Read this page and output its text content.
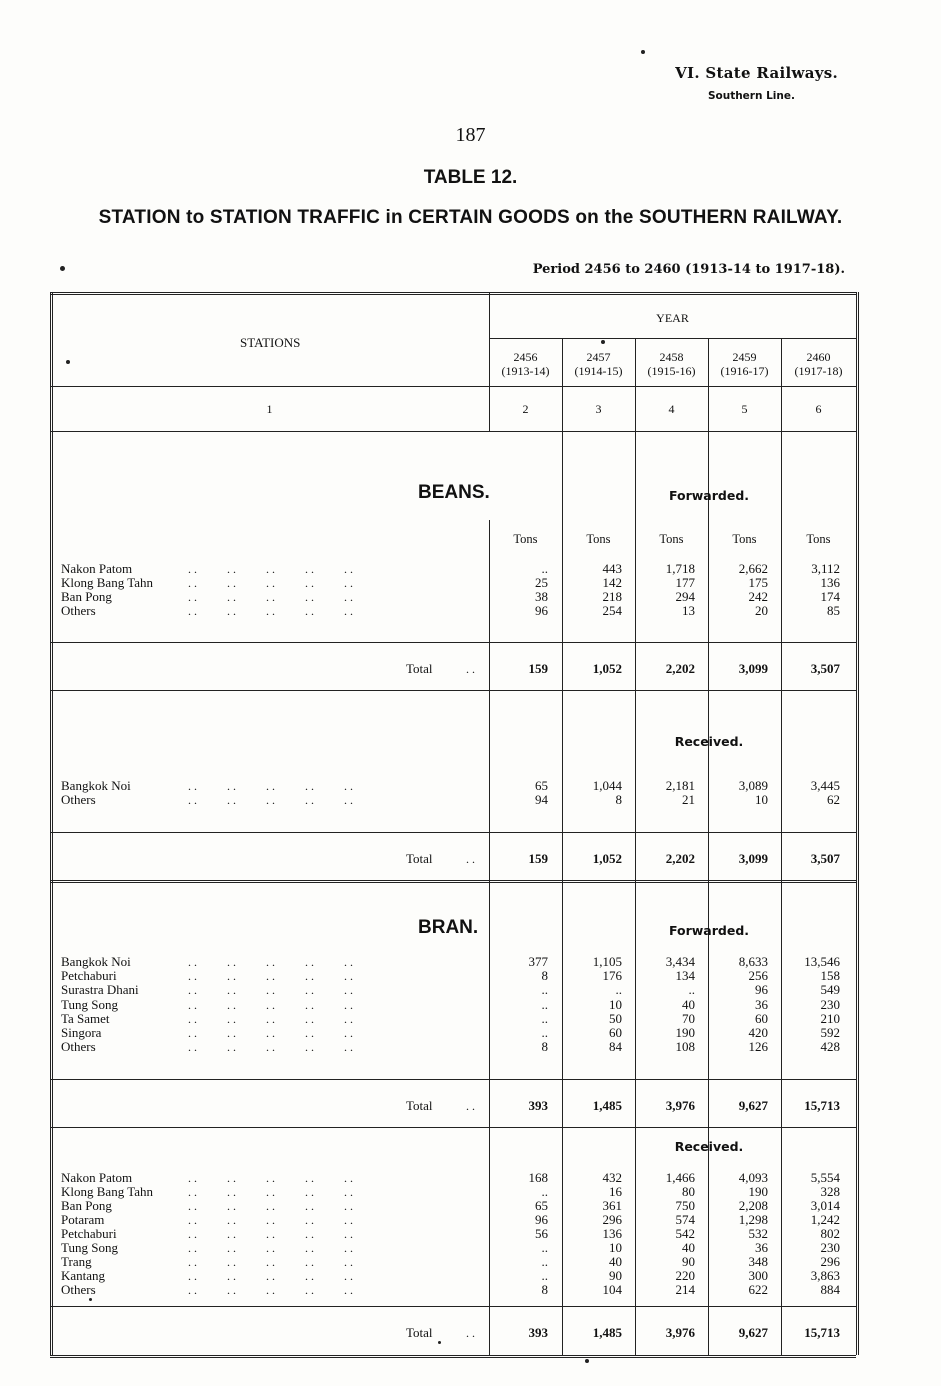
VI. State Railways.
Southern Line.
187
TABLE 12.
STATION to STATION TRAFFIC in CERTAIN GOODS on the SOUTHERN RAILWAY.
Period 2456 to 2460 (1913-14 to 1917-18).
STATIONS
YEAR
2456
(1913-14)
2457
(1914-15)
2458
(1915-16)
2459
(1916-17)
2460
(1917-18)
1	2	3	4	5	6
BEANS.	Forwarded.
Tons	Tons	Tons	Tons	Tons
Nakon Patom	. .          . .          . .          . .          . .	..	443	1,718	2,662	3,112
Klong Bang Tahn	. .          . .          . .          . .          . .	25	142	177	175	136
Ban Pong	. .          . .          . .          . .          . .	38	218	294	242	174
Others	. .          . .          . .          . .          . .	96	254	13	20	85
Total	. .	159	1,052	2,202	3,099	3,507
Received.
Bangkok Noi	. .          . .          . .          . .          . .	65	1,044	2,181	3,089	3,445
Others	. .          . .          . .          . .          . .	94	8	21	10	62
Total	. .	159	1,052	2,202	3,099	3,507
BRAN.	Forwarded.
Bangkok Noi	. .          . .          . .          . .          . .	377	1,105	3,434	8,633	13,546
Petchaburi	. .          . .          . .          . .          . .	8	176	134	256	158
Surastra Dhani	. .          . .          . .          . .          . .	..	..	..	96	549
Tung Song	. .          . .          . .          . .          . .	..	10	40	36	230
Ta Samet	. .          . .          . .          . .          . .	..	50	70	60	210
Singora	. .          . .          . .          . .          . .	..	60	190	420	592
Others	. .          . .          . .          . .          . .	8	84	108	126	428
Total	. .	393	1,485	3,976	9,627	15,713
Received.
Nakon Patom	. .          . .          . .          . .          . .	168	432	1,466	4,093	5,554
Klong Bang Tahn	. .          . .          . .          . .          . .	..	16	80	190	328
Ban Pong	. .          . .          . .          . .          . .	65	361	750	2,208	3,014
Potaram	. .          . .          . .          . .          . .	96	296	574	1,298	1,242
Petchaburi	. .          . .          . .          . .          . .	56	136	542	532	802
Tung Song	. .          . .          . .          . .          . .	..	10	40	36	230
Trang	. .          . .          . .          . .          . .	..	40	90	348	296
Kantang	. .          . .          . .          . .          . .	..	90	220	300	3,863
Others	. .          . .          . .          . .          . .	8	104	214	622	884
Total	. .	393	1,485	3,976	9,627	15,713
